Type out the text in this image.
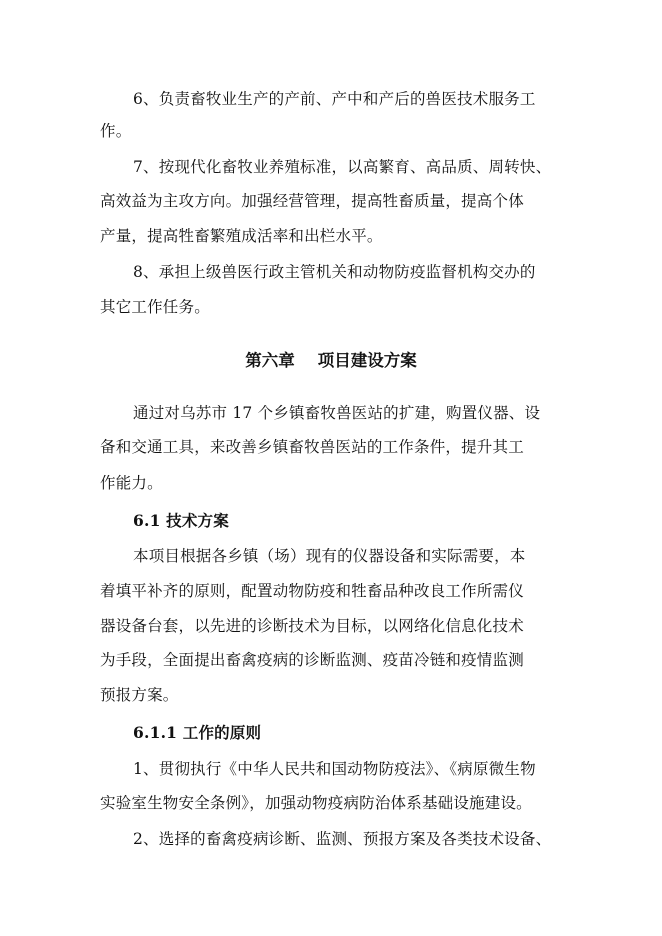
6、负责畜牧业生产的产前、产中和产后的兽医技术服务工
作。
7、按现代化畜牧业养殖标准，以高繁育、高品质、周转快、
高效益为主攻方向。加强经营管理，提高牲畜质量，提高个体
产量，提高牲畜繁殖成活率和出栏水平。
8、承担上级兽医行政主管机关和动物防疫监督机构交办的
其它工作任务。
第六章    项目建设方案
通过对乌苏市 17 个乡镇畜牧兽医站的扩建，购置仪器、设
备和交通工具，来改善乡镇畜牧兽医站的工作条件，提升其工
作能力。
6.1 技术方案
本项目根据各乡镇（场）现有的仪器设备和实际需要，本
着填平补齐的原则，配置动物防疫和牲畜品种改良工作所需仪
器设备台套，以先进的诊断技术为目标，以网络化信息化技术
为手段，全面提出畜禽疫病的诊断监测、疫苗冷链和疫情监测
预报方案。
6.1.1 工作的原则
1、贯彻执行《中华人民共和国动物防疫法》、《病原微生物
实验室生物安全条例》，加强动物疫病防治体系基础设施建设。
2、选择的畜禽疫病诊断、监测、预报方案及各类技术设备、
